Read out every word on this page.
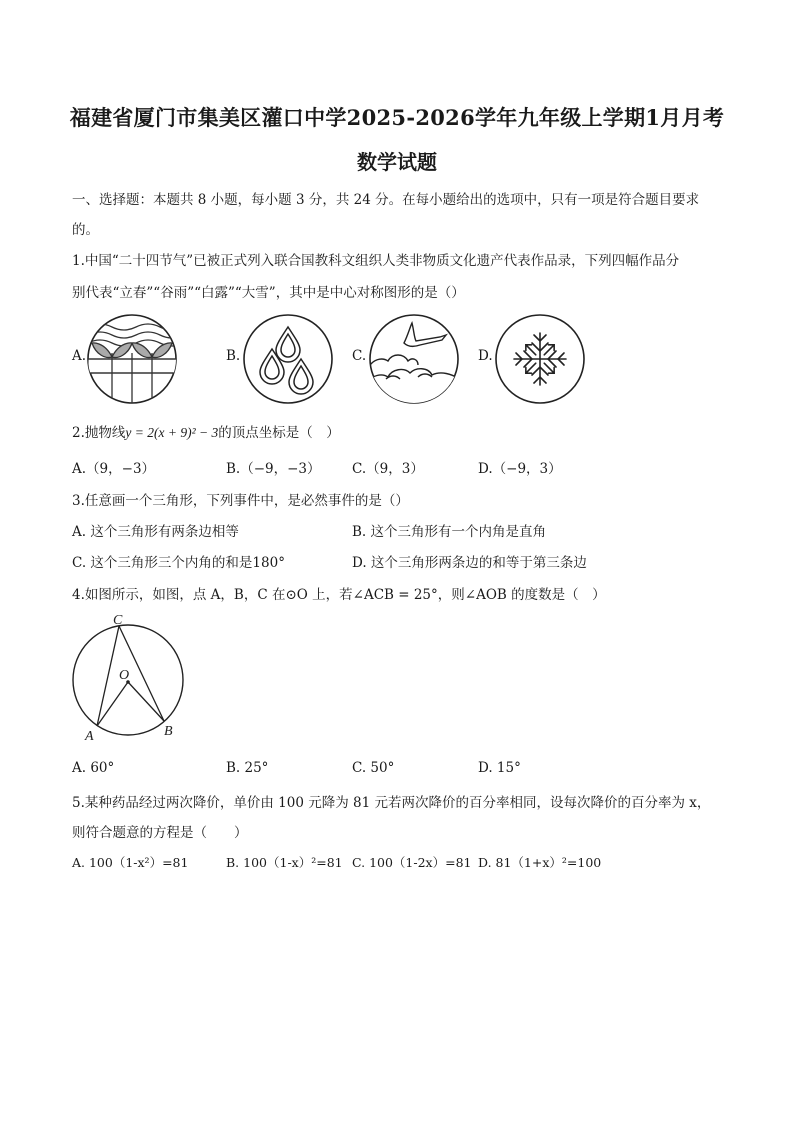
福建省厦门市集美区灌口中学2025-2026学年九年级上学期1月月考
数学试题
一、选择题：本题共 8 小题，每小题 3 分，共 24 分。在每小题给出的选项中，只有一项是符合题目要求
的。
1.中国“二十四节气”已被正式列入联合国教科文组织人类非物质文化遗产代表作品录，下列四幅作品分
别代表“立春”“谷雨”“白露”“大雪”，其中是中心对称图形的是（）
A.	B.	C.	D.
2.抛物线y = 2(x + 9)² − 3的顶点坐标是（　）
A.（9，−3）	B.（−9，−3） C.（9，3）	D.（−9，3）
3.任意画一个三角形，下列事件中，是必然事件的是（）
A. 这个三角形有两条边相等	B. 这个三角形有一个内角是直角
C. 这个三角形三个内角的和是180°	D. 这个三角形两条边的和等于第三条边
4.如图所示，如图，点 A，B，C 在⊙O 上，若∠ACB = 25°，则∠AOB 的度数是（　）
C
O
A	B
A. 60°	B. 25°	C. 50°	D. 15°
5.某种药品经过两次降价，单价由 100 元降为 81 元若两次降价的百分率相同，设每次降价的百分率为 x，
则符合题意的方程是（　　）
A. 100（1-x²）=81	B. 100（1-x）²=81 C. 100（1-2x）=81 D. 81（1+x）²=100
